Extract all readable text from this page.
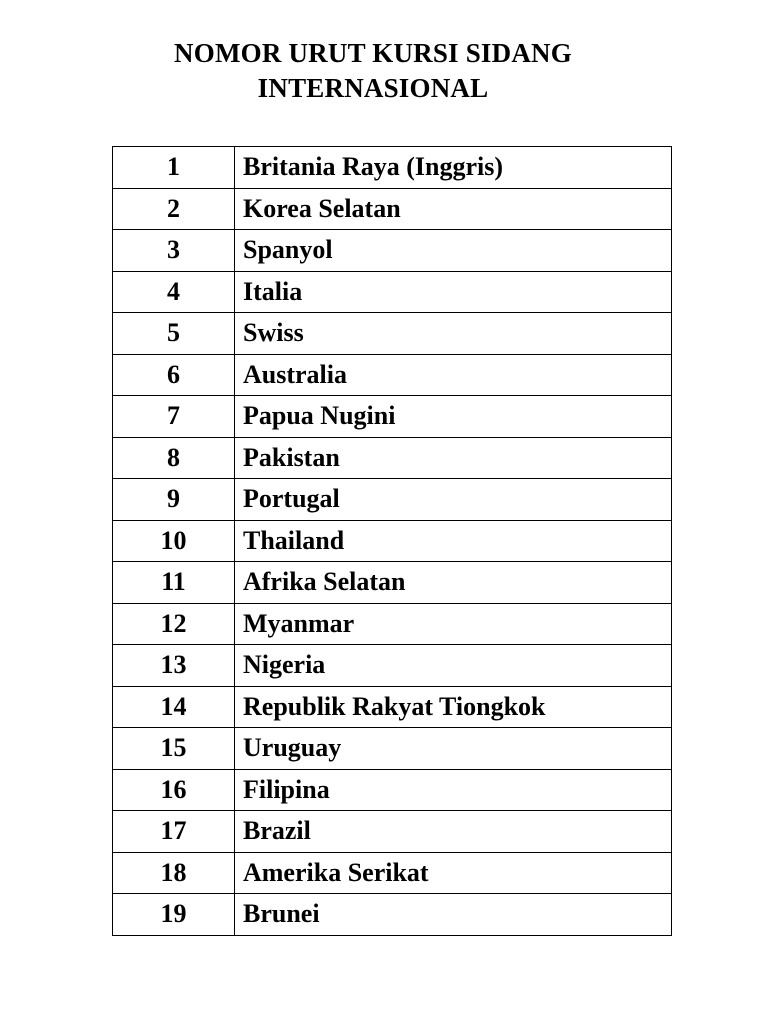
NOMOR URUT KURSI SIDANG
INTERNASIONAL
1	Britania Raya (Inggris)
2	Korea Selatan
3	Spanyol
4	Italia
5	Swiss
6	Australia
7	Papua Nugini
8	Pakistan
9	Portugal
10	Thailand
11	Afrika Selatan
12	Myanmar
13	Nigeria
14	Republik Rakyat Tiongkok
15	Uruguay
16	Filipina
17	Brazil
18	Amerika Serikat
19	Brunei
